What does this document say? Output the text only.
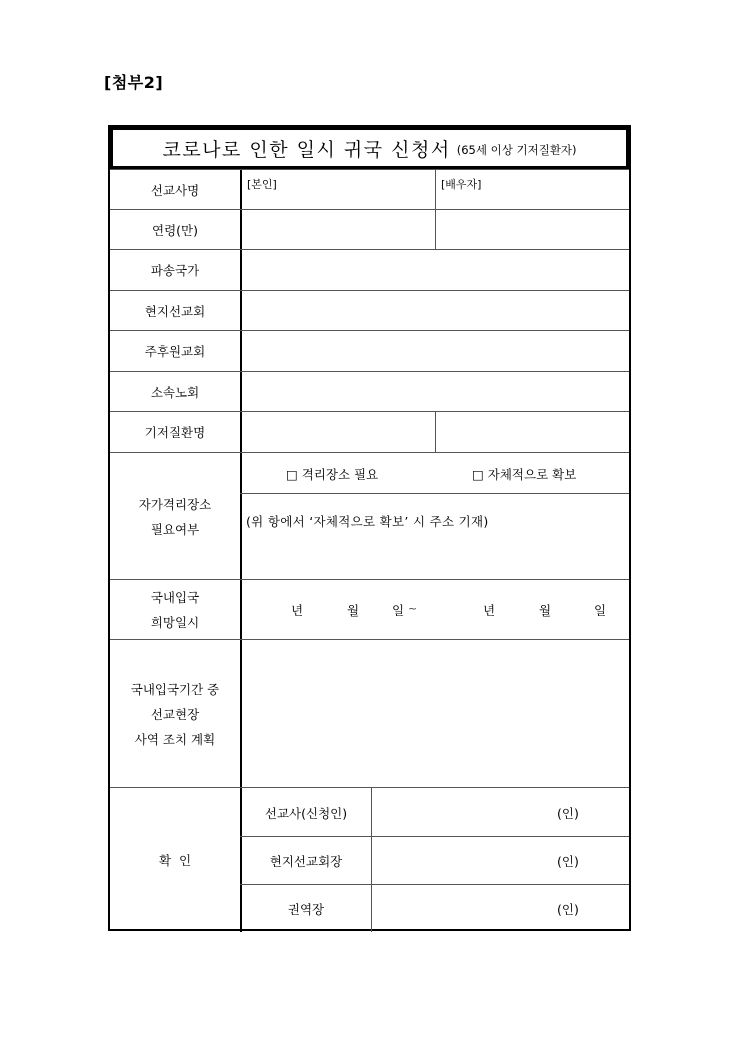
[첨부2]
코로나로 인한 일시 귀국 신청서 (65세 이상 기저질환자)
선교사명	[본인]	[배우자]
연령(만)
파송국가
현지선교회
주후원교회
소속노회
기저질환명
자가격리장소
필요여부
□ 격리장소 필요	□ 자체적으로 확보
(위 항에서 ‘자체적으로 확보’ 시 주소 기재)
국내입국
희망일시
년	월	일 ~	년	월	일
국내입국기간 중
선교현장
사역 조치 계획
확  인
선교사(신청인)	(인)
현지선교회장	(인)
권역장	(인)
